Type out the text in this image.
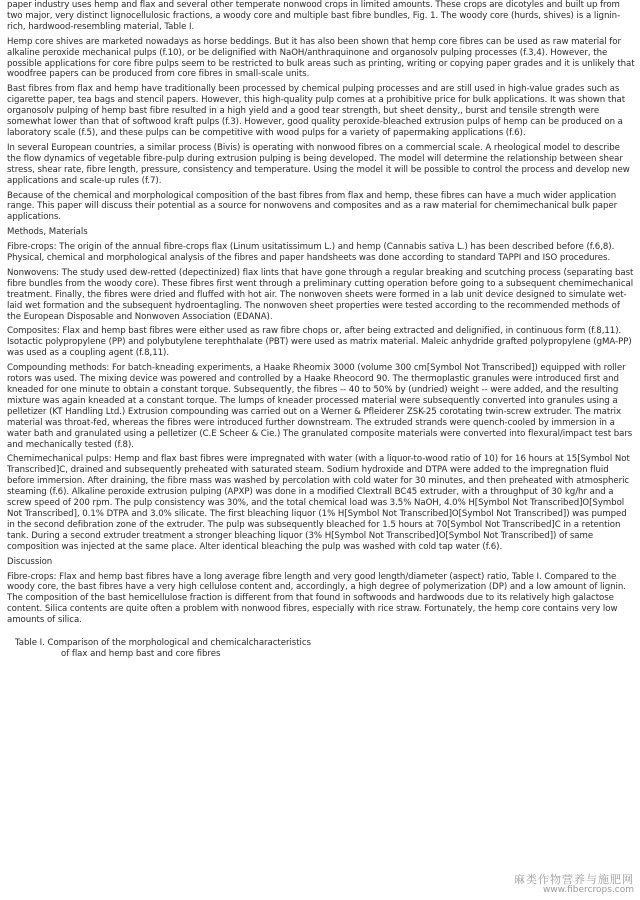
paper industry uses hemp and flax and several other temperate nonwood crops in limited amounts. These crops are dicotyles and built up from two major, very distinct lignocellulosic fractions, a woody core and multiple bast fibre bundles, Fig. 1. The woody core (hurds, shives) is a lignin-rich, hardwood-resembling material, Table I.

Hemp core shives are marketed nowadays as horse beddings. But it has also been shown that hemp core fibres can be used as raw material for alkaline peroxide mechanical pulps (f.10), or be delignified with NaOH/anthraquinone and organosolv pulping processes (f.3,4). However, the possible applications for core fibre pulps seem to be restricted to bulk areas such as printing, writing or copying paper grades and it is unlikely that woodfree papers can be produced from core fibres in small-scale units.

Bast fibres from flax and hemp have traditionally been processed by chemical pulping processes and are still used in high-value grades such as cigarette paper, tea bags and stencil papers. However, this high-quality pulp comes at a prohibitive price for bulk applications. It was shown that organosolv pulping of hemp bast fibre resulted in a high yield and a good tear strength, but sheet density,, burst and tensile strength were somewhat lower than that of softwood kraft pulps (f.3). However, good quality peroxide-bleached extrusion pulps of hemp can be produced on a laboratory scale (f.5), and these pulps can be competitive with wood pulps for a variety of papermaking applications (f.6).

In several European countries, a similar process (Bivis) is operating with nonwood fibres on a commercial scale. A rheological model to describe the flow dynamics of vegetable fibre-pulp during extrusion pulping is being developed. The model will determine the relationship between shear stress, shear rate, fibre length, pressure, consistency and temperature. Using the model it will be possible to control the process and develop new applications and scale-up rules (f.7).

Because of the chemical and morphological composition of the bast fibres from flax and hemp, these fibres can have a much wider application range. This paper will discuss their potential as a source for nonwovens and composites and as a raw material for chemimechanical bulk paper applications.

Methods, Materials

Fibre-crops: The origin of the annual fibre-crops flax (Linum usitatissimum L.) and hemp (Cannabis sativa L.) has been described before (f.6,8). Physical, chemical and morphological analysis of the fibres and paper handsheets was done according to standard TAPPI and ISO procedures.

Nonwovens: The study used dew-retted (depectinized) flax lints that have gone through a regular breaking and scutching process (separating bast fibre bundles from the woody core). These fibres first went through a preliminary cutting operation before going to a subsequent chemimechanical treatment. Finally, the fibres were dried and fluffed with hot air. The nonwoven sheets were formed in a lab unit device designed to simulate wet-laid wet formation and the subsequent hydroentagling. The nonwoven sheet properties were tested according to the recommended methods of the European Disposable and Nonwoven Association (EDANA).

Composites: Flax and hemp bast fibres were either used as raw fibre chops or, after being extracted and delignified, in continuous form (f.8,11). Isotactic polypropylene (PP) and polybutylene terephthalate (PBT) were used as matrix material. Maleic anhydride grafted polypropylene (gMA-PP) was used as a coupling agent (f.8,11).

Compounding methods: For batch-kneading experiments, a Haake Rheomix 3000 (volume 300 cm[Symbol Not Transcribed]) equipped with roller rotors was used. The mixing device was powered and controlled by a Haake Rheocord 90. The thermoplastic granules were introduced first and kneaded for one minute to obtain a constant torque. Subsequently, the fibres -- 40 to 50% by (undried) weight -- were added, and the resulting mixture was again kneaded at a constant torque. The lumps of kneader processed material were subsequently converted into granules using a pelletizer (KT Handling Ltd.) Extrusion compounding was carried out on a Werner & Pfleiderer ZSK-25 corotating twin-screw extruder. The matrix material was throat-fed, whereas the fibres were introduced further downstream. The extruded strands were quench-cooled by immersion in a water bath and granulated using a pelletizer (C.E Scheer & Cie.) The granulated composite materials were converted into flexural/impact test bars and mechanically tested (f.8).

Chemimechanical pulps: Hemp and flax bast fibres were impregnated with water (with a liquor-to-wood ratio of 10) for 16 hours at 15[Symbol Not Transcribed]C, drained and subsequently preheated with saturated steam. Sodium hydroxide and DTPA were added to the impregnation fluid before immersion. After draining, the fibre mass was washed by percolation with cold water for 30 minutes, and then preheated with atmospheric steaming (f.6). Alkaline peroxide extrusion pulping (APXP) was done in a modified Clextrall BC45 extruder, with a throughput of 30 kg/hr and a screw speed of 200 rpm. The pulp consistency was 30%, and the total chemical load was 3.5% NaOH, 4.0% H[Symbol Not Transcribed]O[Symbol Not Transcribed], 0.1% DTPA and 3.0% silicate. The first bleaching liquor (1% H[Symbol Not Transcribed]O[Symbol Not Transcribed]) was pumped in the second defibration zone of the extruder. The pulp was subsequently bleached for 1.5 hours at 70[Symbol Not Transcribed]C in a retention tank. During a second extruder treatment a stronger bleaching liquor (3% H[Symbol Not Transcribed]O[Symbol Not Transcribed]) of same composition was injected at the same place. Alter identical bleaching the pulp was washed with cold tap water (f.6).

Discussion

Fibre-crops: Flax and hemp bast fibres have a long average fibre length and very good length/diameter (aspect) ratio, Table I. Compared to the woody core, the bast fibres have a very high cellulose content and, accordingly, a high degree of polymerization (DP) and a low amount of lignin. The composition of the bast hemicellulose fraction is different from that found in softwoods and hardwoods due to its relatively high galactose content. Silica contents are quite often a problem with nonwood fibres, especially with rice straw. Fortunately, the hemp core contains very low amounts of silica.

Table I. Comparison of the morphological and chemicalcharacteristics
of flax and hemp bast and core fibres
麻类作物营养与施肥网
www.fibercrops.com
